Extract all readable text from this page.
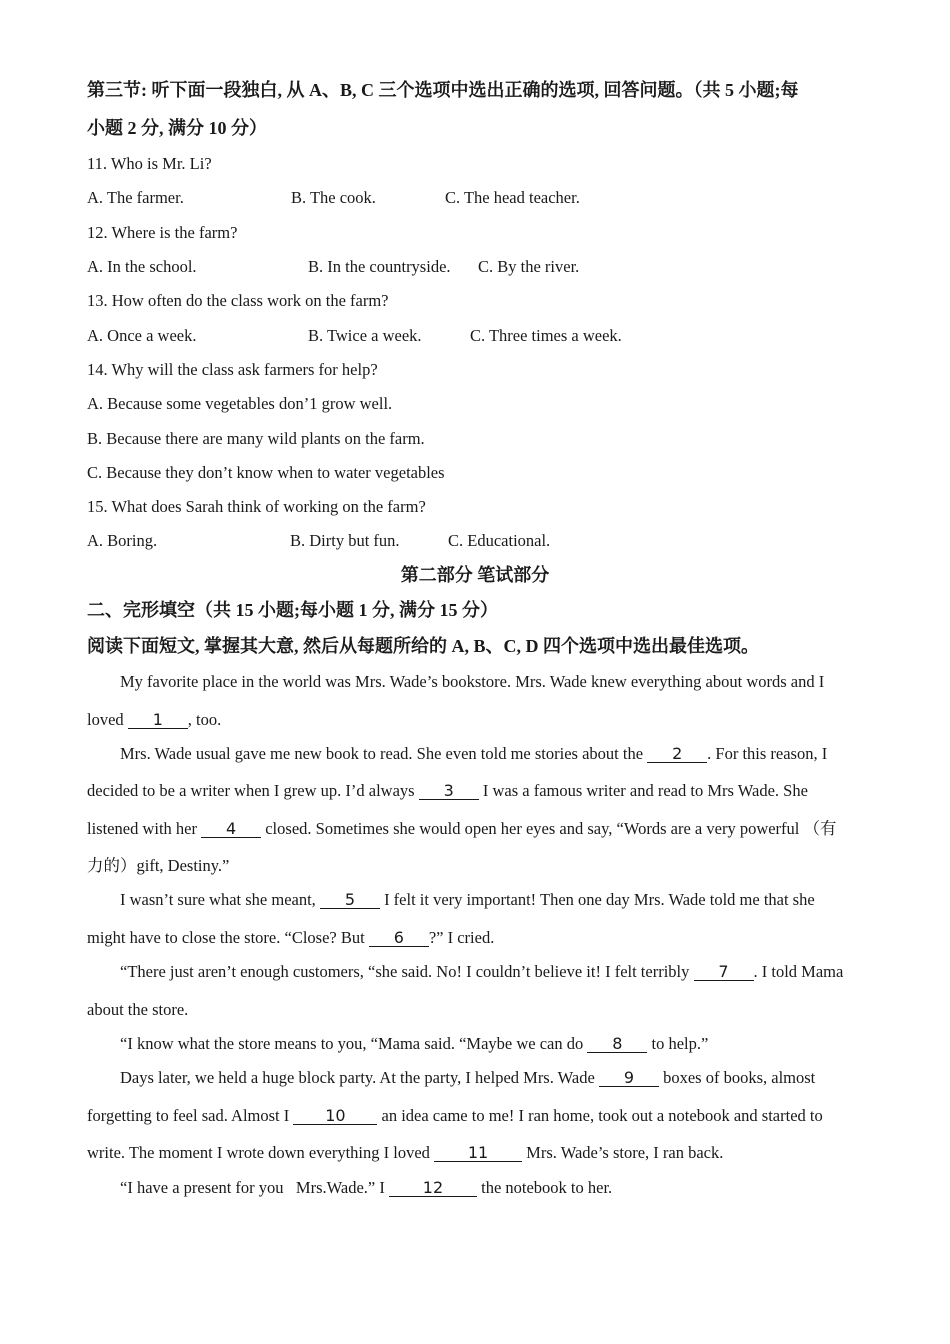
第三节: 听下面一段独白, 从 A、B, C 三个选项中选出正确的选项, 回答问题。（共 5 小题;每
小题 2 分, 满分 10 分）
11. Who is Mr. Li?
A. The farmer.	B. The cook.	C. The head teacher.
12. Where is the farm?
A. In the school.	B. In the countryside. C. By the river.
13. How often do the class work on the farm?
A. Once a week.	B. Twice a week.	C. Three times a week.
14. Why will the class ask farmers for help?
A. Because some vegetables don’1 grow well.
B. Because there are many wild plants on the farm.
C. Because they don’t know when to water vegetables
15. What does Sarah think of working on the farm?
A. Boring.	B. Dirty but fun.	C. Educational.
第二部分 笔试部分
二、完形填空（共 15 小题;每小题 1 分, 满分 15 分）
阅读下面短文, 掌握其大意, 然后从每题所给的 A, B、C, D 四个选项中选出最佳选项。
My favorite place in the world was Mrs. Wade’s bookstore. Mrs. Wade knew everything about words and I
loved 1 , too.
Mrs. Wade usual gave me new book to read. She even told me stories about the 2 . For this reason, I
decided to be a writer when I grew up. I’d always 3 I was a famous writer and read to Mrs Wade. She
listened with her 4 closed. Sometimes she would open her eyes and say, “Words are a very powerful （有
力的）gift, Destiny.”
I wasn’t sure what she meant, 5 I felt it very important! Then one day Mrs. Wade told me that she
might have to close the store. “Close? But 6 ?” I cried.
“There just aren’t enough customers, “she said. No! I couldn’t believe it! I felt terribly 7 . I told Mama
about the store.
“I know what the store means to you, “Mama said. “Maybe we can do 8 to help.”
Days later, we held a huge block party. At the party, I helped Mrs. Wade 9 boxes of books, almost
forgetting to feel sad. Almost I 10 an idea came to me! I ran home, took out a notebook and started to
write. The moment I wrote down everything I loved 11 Mrs. Wade’s store, I ran back.
“I have a present for you   Mrs.Wade.” I 12 the notebook to her.
